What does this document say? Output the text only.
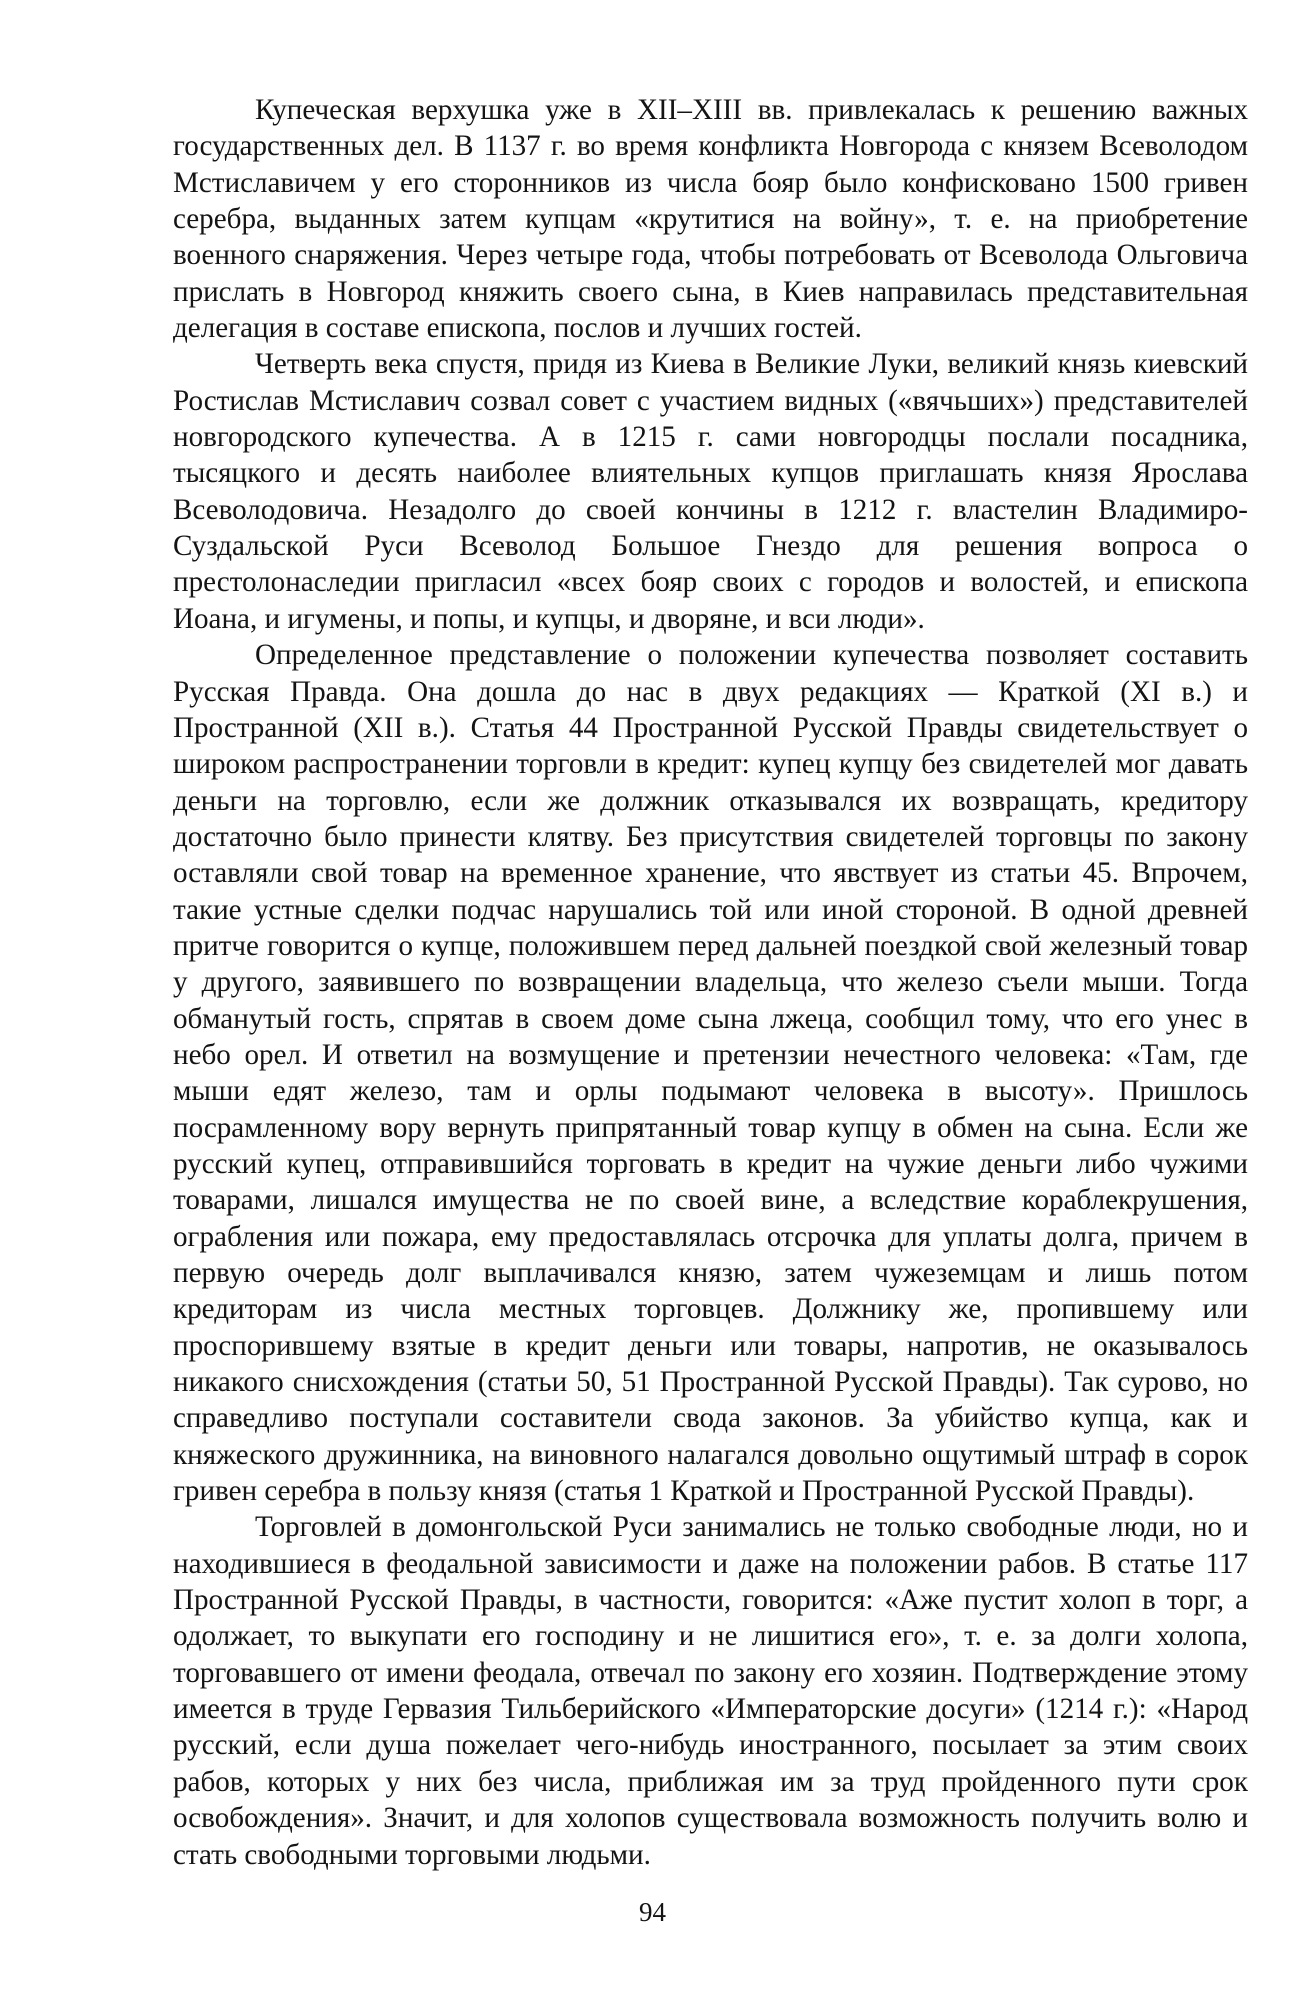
Купеческая верхушка уже в XII–XIII вв. привлекалась к решению важных государственных дел. В 1137 г. во время конфликта Новгорода с князем Всеволодом Мстиславичем у его сторонников из числа бояр было конфисковано 1500 гривен серебра, выданных затем купцам «крутитися на войну», т. е. на приобретение военного снаряжения. Через четыре года, чтобы потребовать от Всеволода Ольговича прислать в Новгород княжить своего сына, в Киев направилась представительная делегация в составе епископа, послов и лучших гостей.

Четверть века спустя, придя из Киева в Великие Луки, великий князь киевский Ростислав Мстиславич созвал совет с участием видных («вячьших») представителей новгородского купечества. А в 1215 г. сами новгородцы послали посадника, тысяцкого и десять наиболее влиятельных купцов приглашать князя Ярослава Всеволодовича. Незадолго до своей кончины в 1212 г. властелин Владимиро-Суздальской Руси Всеволод Большое Гнездо для решения вопроса о престолонаследии пригласил «всех бояр своих с городов и волостей, и епископа Иоана, и игумены, и попы, и купцы, и дворяне, и вси люди».

Определенное представление о положении купечества позволяет составить Русская Правда. Она дошла до нас в двух редакциях — Краткой (XI в.) и Пространной (XII в.). Статья 44 Пространной Русской Правды свидетельствует о широком распространении торговли в кредит: купец купцу без свидетелей мог давать деньги на торговлю, если же должник отказывался их возвращать, кредитору достаточно было принести клятву. Без присутствия свидетелей торговцы по закону оставляли свой товар на временное хранение, что явствует из статьи 45. Впрочем, такие устные сделки подчас нарушались той или иной стороной. В одной древней притче говорится о купце, положившем перед дальней поездкой свой железный товар у другого, заявившего по возвращении владельца, что железо съели мыши. Тогда обманутый гость, спрятав в своем доме сына лжеца, сообщил тому, что его унес в небо орел. И ответил на возмущение и претензии нечестного человека: «Там, где мыши едят железо, там и орлы подымают человека в высоту». Пришлось посрамленному вору вернуть припрятанный товар купцу в обмен на сына. Если же русский купец, отправившийся торговать в кредит на чужие деньги либо чужими товарами, лишался имущества не по своей вине, а вследствие кораблекрушения, ограбления или пожара, ему предоставлялась отсрочка для уплаты долга, причем в первую очередь долг выплачивался князю, затем чужеземцам и лишь потом кредиторам из числа местных торговцев. Должнику же, пропившему или проспорившему взятые в кредит деньги или товары, напротив, не оказывалось никакого снисхождения (статьи 50, 51 Пространной Русской Правды). Так сурово, но справедливо поступали составители свода законов. За убийство купца, как и княжеского дружинника, на виновного налагался довольно ощутимый штраф в сорок гривен серебра в пользу князя (статья 1 Краткой и Пространной Русской Правды).

Торговлей в домонгольской Руси занимались не только свободные люди, но и находившиеся в феодальной зависимости и даже на положении рабов. В статье 117 Пространной Русской Правды, в частности, говорится: «Аже пустит холоп в торг, а одолжает, то выкупати его господину и не лишитися его», т. е. за долги холопа, торговавшего от имени феодала, отвечал по закону его хозяин. Подтверждение этому имеется в труде Гервазия Тильберийского «Императорские досуги» (1214 г.): «Народ русский, если душа пожелает чего-нибудь иностранного, посылает за этим своих рабов, которых у них без числа, приближая им за труд пройденного пути срок освобождения». Значит, и для холопов существовала возможность получить волю и стать свободными торговыми людьми.

94
